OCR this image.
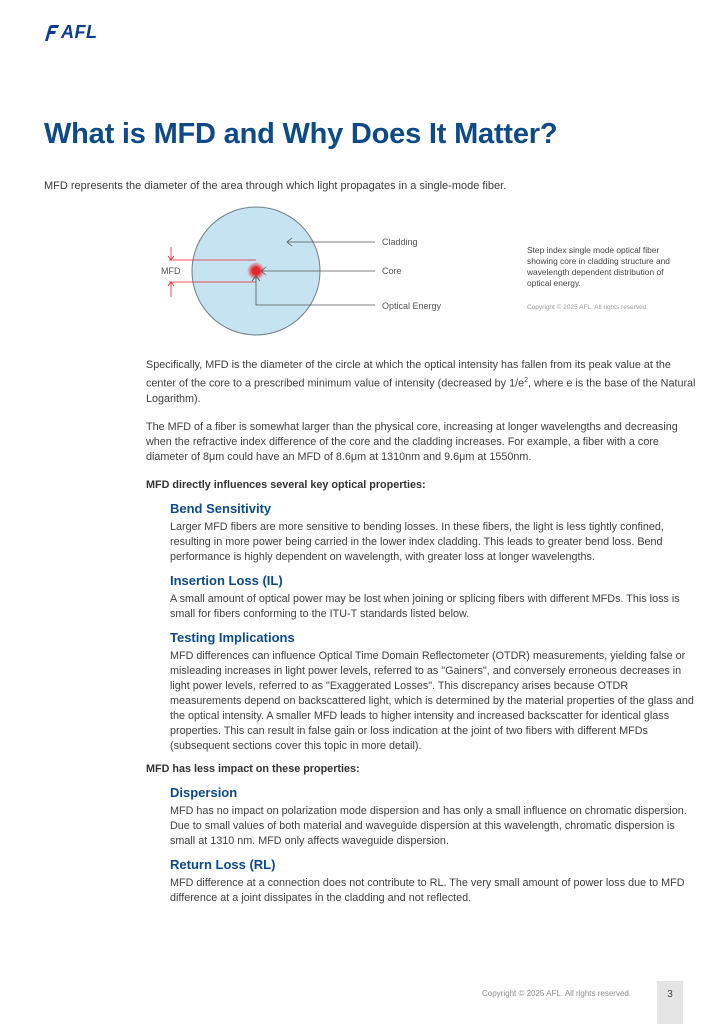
AFL
What is MFD and Why Does It Matter?

MFD represents the diameter of the area through which light propagates in a single-mode fiber.

MFD
Cladding
Core
Optical Energy

Step index single mode optical fiber showing core in cladding structure and wavelength dependent distribution of optical energy.

Copyright © 2025 AFL. All rights reserved.

Specifically, MFD is the diameter of the circle at which the optical intensity has fallen from its peak value at the center of the core to a prescribed minimum value of intensity (decreased by $1/e^2$, where e is the base of the Natural Logarithm).

The MFD of a fiber is somewhat larger than the physical core, increasing at longer wavelengths and decreasing when the refractive index difference of the core and the cladding increases. For example, a fiber with a core diameter of 8μm could have an MFD of 8.6μm at 1310nm and 9.6μm at 1550nm.

MFD directly influences several key optical properties:

Bend Sensitivity

Larger MFD fibers are more sensitive to bending losses. In these fibers, the light is less tightly confined, resulting in more power being carried in the lower index cladding. This leads to greater bend loss. Bend performance is highly dependent on wavelength, with greater loss at longer wavelengths.

Insertion Loss (IL)

A small amount of optical power may be lost when joining or splicing fibers with different MFDs. This loss is small for fibers conforming to the ITU-T standards listed below.

Testing Implications

MFD differences can influence Optical Time Domain Reflectometer (OTDR) measurements, yielding false or misleading increases in light power levels, referred to as "Gainers", and conversely erroneous decreases in light power levels, referred to as "Exaggerated Losses". This discrepancy arises because OTDR measurements depend on backscattered light, which is determined by the material properties of the glass and the optical intensity. A smaller MFD leads to higher intensity and increased backscatter for identical glass properties. This can result in false gain or loss indication at the joint of two fibers with different MFDs (subsequent sections cover this topic in more detail).

MFD has less impact on these properties:

Dispersion

MFD has no impact on polarization mode dispersion and has only a small influence on chromatic dispersion. Due to small values of both material and waveguide dispersion at this wavelength, chromatic dispersion is small at 1310 nm. MFD only affects waveguide dispersion.

Return Loss (RL)

MFD difference at a connection does not contribute to RL. The very small amount of power loss due to MFD difference at a joint dissipates in the cladding and not reflected.

Copyright © 2025 AFL. All rights reserved.	3
